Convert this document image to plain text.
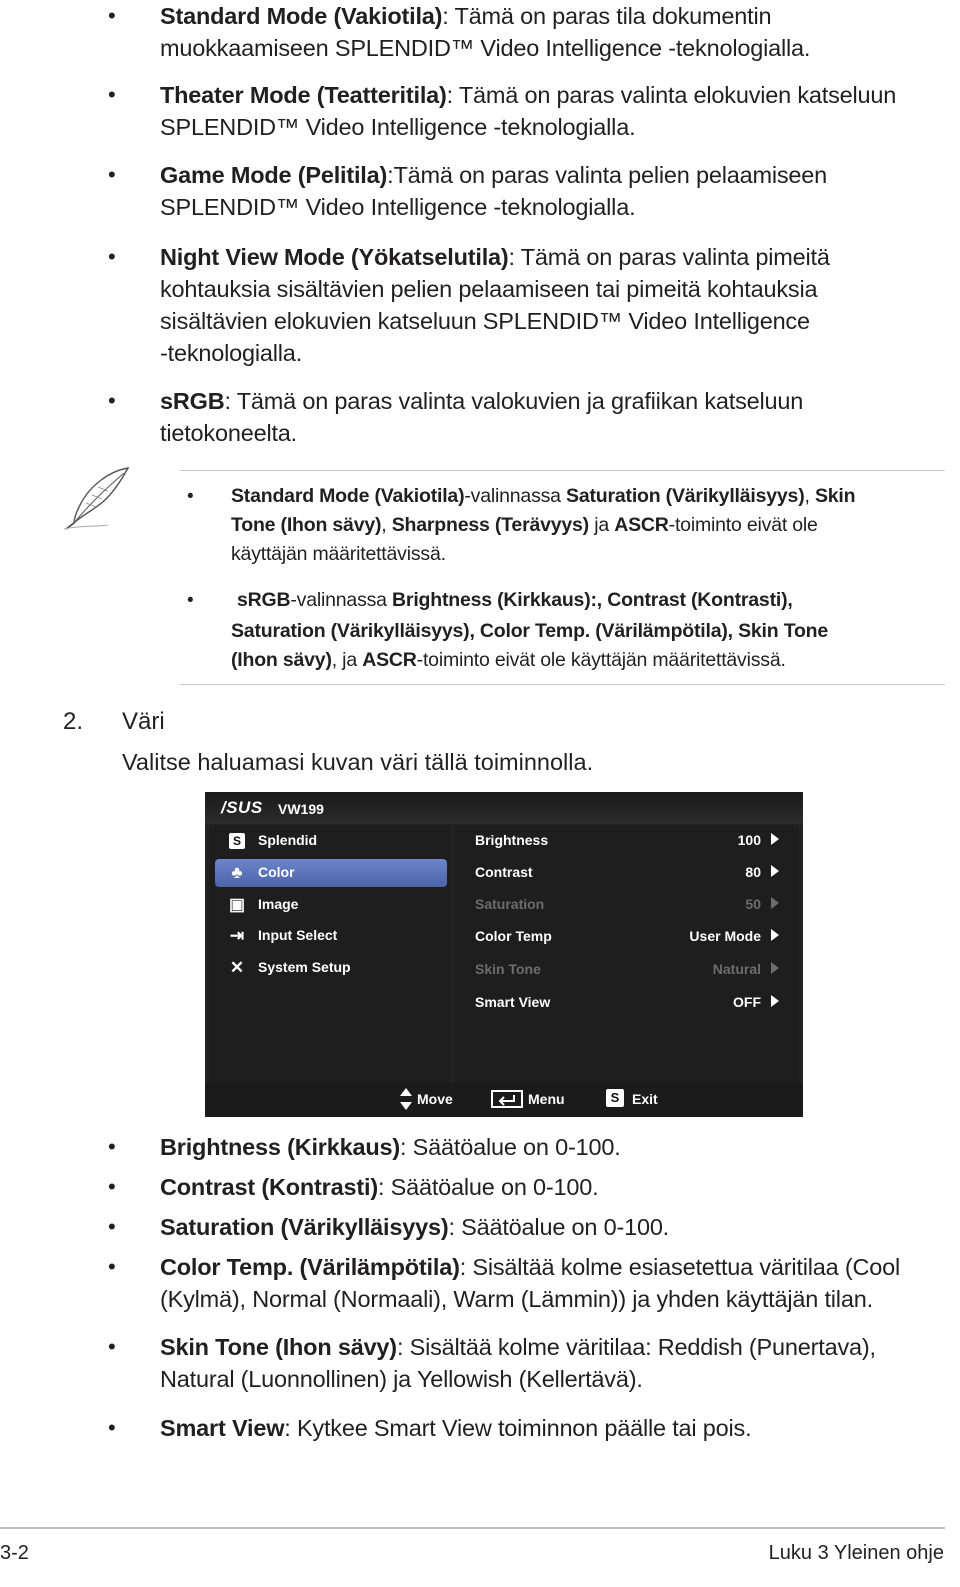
• Standard Mode (Vakiotila): Tämä on paras tila dokumentin
muokkaamiseen SPLENDID™ Video Intelligence -teknologialla.
• Theater Mode (Teatteritila): Tämä on paras valinta elokuvien katseluun
SPLENDID™ Video Intelligence -teknologialla.
• Game Mode (Pelitila):Tämä on paras valinta pelien pelaamiseen
SPLENDID™ Video Intelligence -teknologialla.
• Night View Mode (Yökatselutila): Tämä on paras valinta pimeitä
kohtauksia sisältävien pelien pelaamiseen tai pimeitä kohtauksia
sisältävien elokuvien katseluun SPLENDID™ Video Intelligence
-teknologialla.
• sRGB: Tämä on paras valinta valokuvien ja grafiikan katseluun
tietokoneelta.
• Standard Mode (Vakiotila)-valinnassa Saturation (Värikylläisyys), Skin
Tone (Ihon sävy), Sharpness (Terävyys) ja ASCR-toiminto eivät ole
käyttäjän määritettävissä.
• sRGB-valinnassa Brightness (Kirkkaus):, Contrast (Kontrasti),
Saturation (Värikylläisyys), Color Temp. (Värilämpötila), Skin Tone
(Ihon sävy), ja ASCR-toiminto eivät ole käyttäjän määritettävissä.
2. Väri
Valitse haluamasi kuvan väri tällä toiminnolla.
/SUS VW199
S	Splendid
♣	Color
▣ Image
⇥ Input Select
✕ System Setup
Brightness	100
Contrast	80
Saturation	50
Color Temp	User Mode
Skin Tone	Natural
Smart View	OFF
Move	Menu	S Exit
• Brightness (Kirkkaus): Säätöalue on 0-100.
• Contrast (Kontrasti): Säätöalue on 0-100.
• Saturation (Värikylläisyys): Säätöalue on 0-100.
• Color Temp. (Värilämpötila): Sisältää kolme esiasetettua väritilaa (Cool
(Kylmä), Normal (Normaali), Warm (Lämmin)) ja yhden käyttäjän tilan.
• Skin Tone (Ihon sävy): Sisältää kolme väritilaa: Reddish (Punertava),
Natural (Luonnollinen) ja Yellowish (Kellertävä).
• Smart View: Kytkee Smart View toiminnon päälle tai pois.
3-2	Luku 3 Yleinen ohje
